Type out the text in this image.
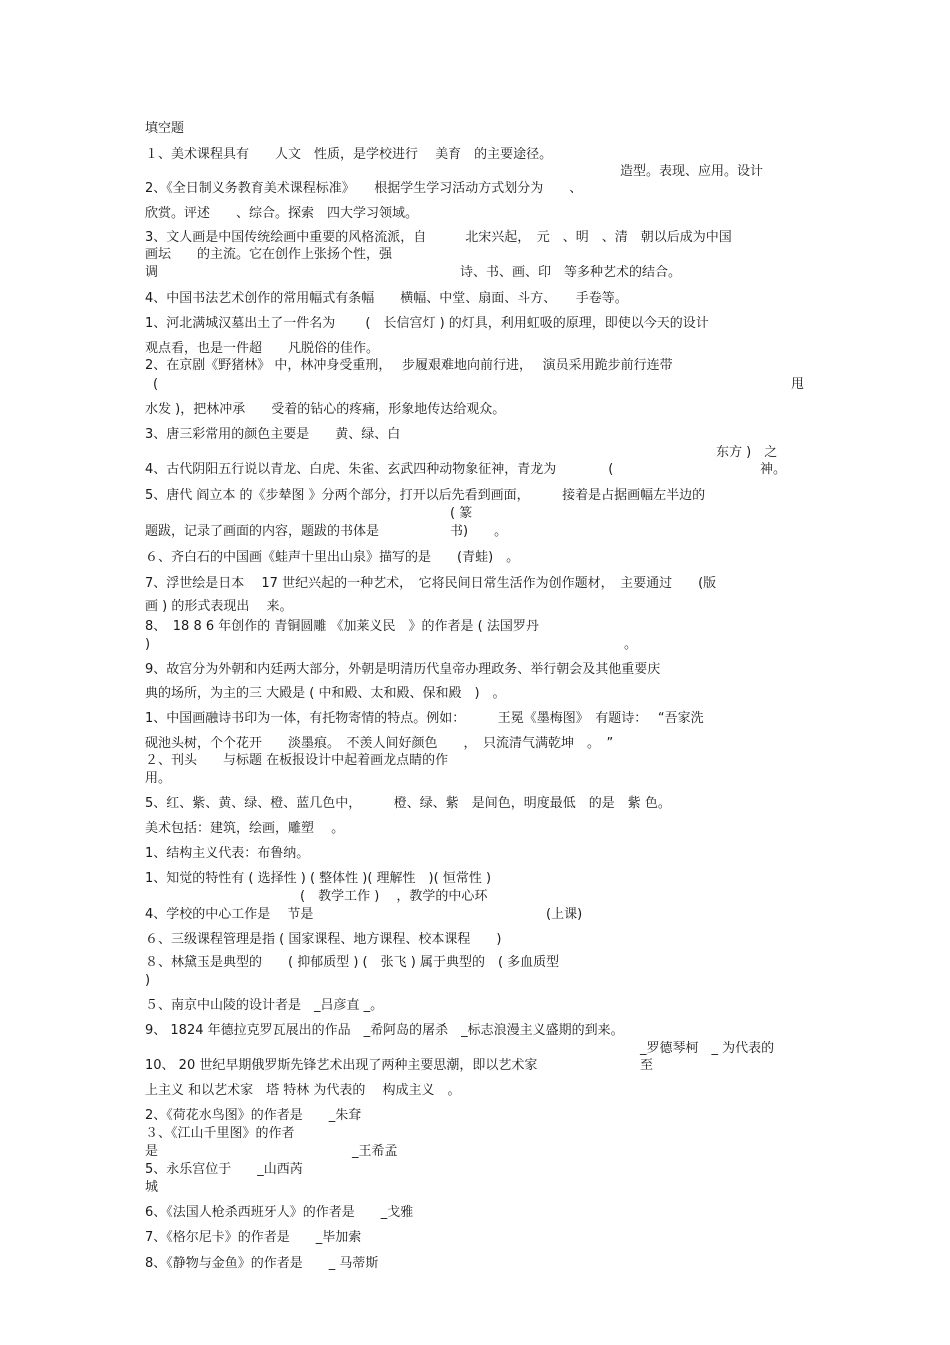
填空题
１、美术课程具有　　人文　性质，是学校进行　 美育　的主要途径。
造型。表现、应用。设计
2、《全日制义务教育美术课程标准》　　根据学生学习活动方式划分为　　、
欣赏。评述　　、综合。探索　四大学习领域。
3、文人画是中国传统绘画中重要的风格流派，自　　　北宋兴起，　元　、明　、清　朝以后成为中国
画坛　　的主流。它在创作上张扬个性，强
调	诗、书、画、印　等多种艺术的结合。
4、中国书法艺术创作的常用幅式有条幅　　横幅、中堂、扇面、斗方、　　手卷等。
1、河北满城汉墓出土了一件名为　　 (　长信宫灯 ) 的灯具，利用虹吸的原理，即使以今天的设计
观点看，也是一件超　　凡脱俗的佳作。
2、在京剧《野猪林》 中，林冲身受重刑，　 步履艰难地向前行进，　 演员采用跪步前行连带
(	甩
水发 )，把林冲承　　受着的钻心的疼痛，形象地传达给观众。
3、唐三彩常用的颜色主要是　　黄、绿、白
东方 )　之
4、古代阴阳五行说以青龙、白虎、朱雀、玄武四种动物象征神，青龙为　　　　(	神。
5、唐代 阎立本 的《步辇图 》分两个部分，打开以后先看到画面，　　　接着是占据画幅左半边的
( 篆
题跋，记录了画面的内容，题跋的书体是	书)　　。
６、齐白石的中国画《蛙声十里出山泉》描写的是　　(青蛙)　。
7、浮世绘是日本　 17 世纪兴起的一种艺术，　它将民间日常生活作为创作题材，　主要通过　　(版
画 ) 的形式表现出　 来。
8、　18 8 6 年创作的 青铜圆雕 《加莱义民　》的作者是 ( 法国罗丹
)	。
9、故宫分为外朝和内廷两大部分，外朝是明清历代皇帝办理政务、举行朝会及其他重要庆
典的场所，为主的三 大殿是 ( 中和殿、太和殿、保和殿　)　。
1、中国画融诗书印为一体，有托物寄情的特点。例如：　　　王冕《墨梅图》　有题诗：　 “吾家洗
砚池头树，个个花开　　淡墨痕。　不羡人间好颜色　　，　只流清气满乾坤　。　”
２、刊头　　与标题 在板报设计中起着画龙点睛的作
用。
5、红、紫、黄、绿、橙、蓝几色中，　　　橙、绿、紫　是间色，明度最低　的是　紫 色。
美术包括：建筑，绘画，雕塑　 。
1、结构主义代表：布鲁纳。
1、知觉的特性有 ( 选择性 ) ( 整体性 )( 理解性　)( 恒常性 )
(　教学工作 )　 ，教学的中心环
4、学校的中心工作是　 节是	(上课)
６、三级课程管理是指 ( 国家课程、地方课程、校本课程　　)
８、林黛玉是典型的　　( 抑郁质型 ) (　张飞 ) 属于典型的　( 多血质型
)
５、南京中山陵的设计者是　_吕彦直 _。
9、 1824 年德拉克罗瓦展出的作品　_希阿岛的屠杀　_标志浪漫主义盛期的到来。
_罗德琴柯　_ 为代表的
10、 20 世纪早期俄罗斯先锋艺术出现了两种主要思潮，即以艺术家	至
上主义 和以艺术家　塔 特林 为代表的　 构成主义　。
2、《荷花水鸟图》的作者是　　_朱耷
３、《江山千里图》的作者
是	_王希孟
5、永乐宫位于　　_山西芮
城
6、《法国人枪杀西班牙人》的作者是　　_戈雅
7、《格尔尼卡》的作者是　　_毕加索
8、《静物与金鱼》的作者是　　_ 马蒂斯
